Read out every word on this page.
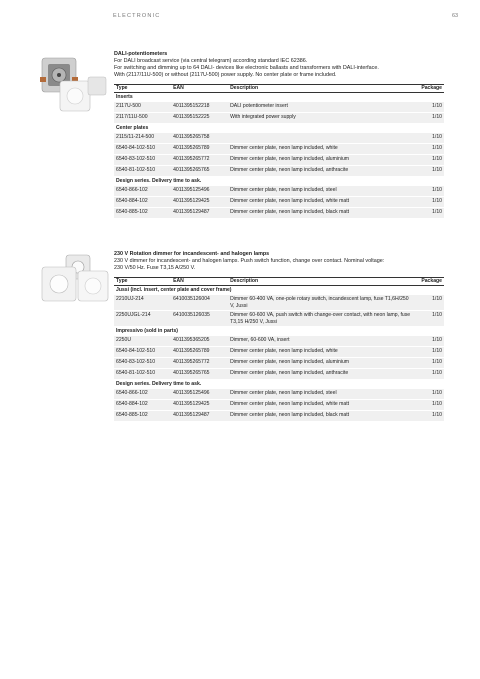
ELECTRONIC	63
DALI-potentiometers
For DALI broadcast service (via central telegram) according standard IEC 62386.
For switching and dimming up to 64 DALI- devices like electronic ballasts and transformers with DALI-interface.
With (2117/11U-500) or without (2117U-500) power supply. No center plate or frame included.
Type	EAN	Description	Package
Inserts			
2117U-500	4011395152218	DALI potentiometer insert	1/10
2117/11U-500	4011395152225	With integrated power supply	1/10
Center plates			
2115/11-214-500	4011395265758		1/10
6540-84-102-510	4011395265789	Dimmer center plate, neon lamp included, white	1/10
6540-83-102-510	4011395265772	Dimmer center plate, neon lamp included, aluminium	1/10
6540-81-102-510	4011395265765	Dimmer center plate, neon lamp included, anthracite	1/10
Design series. Delivery time to ask.			
6540-866-102	4011395125496	Dimmer center plate, neon lamp included, steel	1/10
6540-884-102	4011395129425	Dimmer center plate, neon lamp included, white matt	1/10
6540-885-102	4011395129487	Dimmer center plate, neon lamp included, black matt	1/10
230 V Rotation dimmer for incandescent- and halogen lamps
230 V dimmer for incandescent- and halogen lamps. Push switch function, change over contact. Nominal voltage:
230 V/50 Hz. Fuse T3,15 A/250 V.
Type	EAN	Description	Package
Jussi (incl. insert, center plate and cover frame)			
2210UJ-214	6410035126004	Dimmer 60-400 VA, one-pole rotary switch, incandescent lamp, fuse T1,6H/250 V, Jussi	1/10
2250UJGL-214	6410035126035	Dimmer 60-600 VA, push switch with change-over contact, with neon lamp, fuse T3,15 H/250 V, Jussi	1/10
Impressivo (sold in parts)			
2250U	4011395365205	Dimmer, 60-600 VA, insert	1/10
6540-84-102-510	4011395265789	Dimmer center plate, neon lamp included, white	1/10
6540-83-102-510	4011395265772	Dimmer center plate, neon lamp included, aluminium	1/10
6540-81-102-510	4011395265765	Dimmer center plate, neon lamp included, anthracite	1/10
Design series. Delivery time to ask.			
6540-866-102	4011395125496	Dimmer center plate, neon lamp included, steel	1/10
6540-884-102	4011395129425	Dimmer center plate, neon lamp included, white matt	1/10
6540-885-102	4011395129487	Dimmer center plate, neon lamp included, black matt	1/10
